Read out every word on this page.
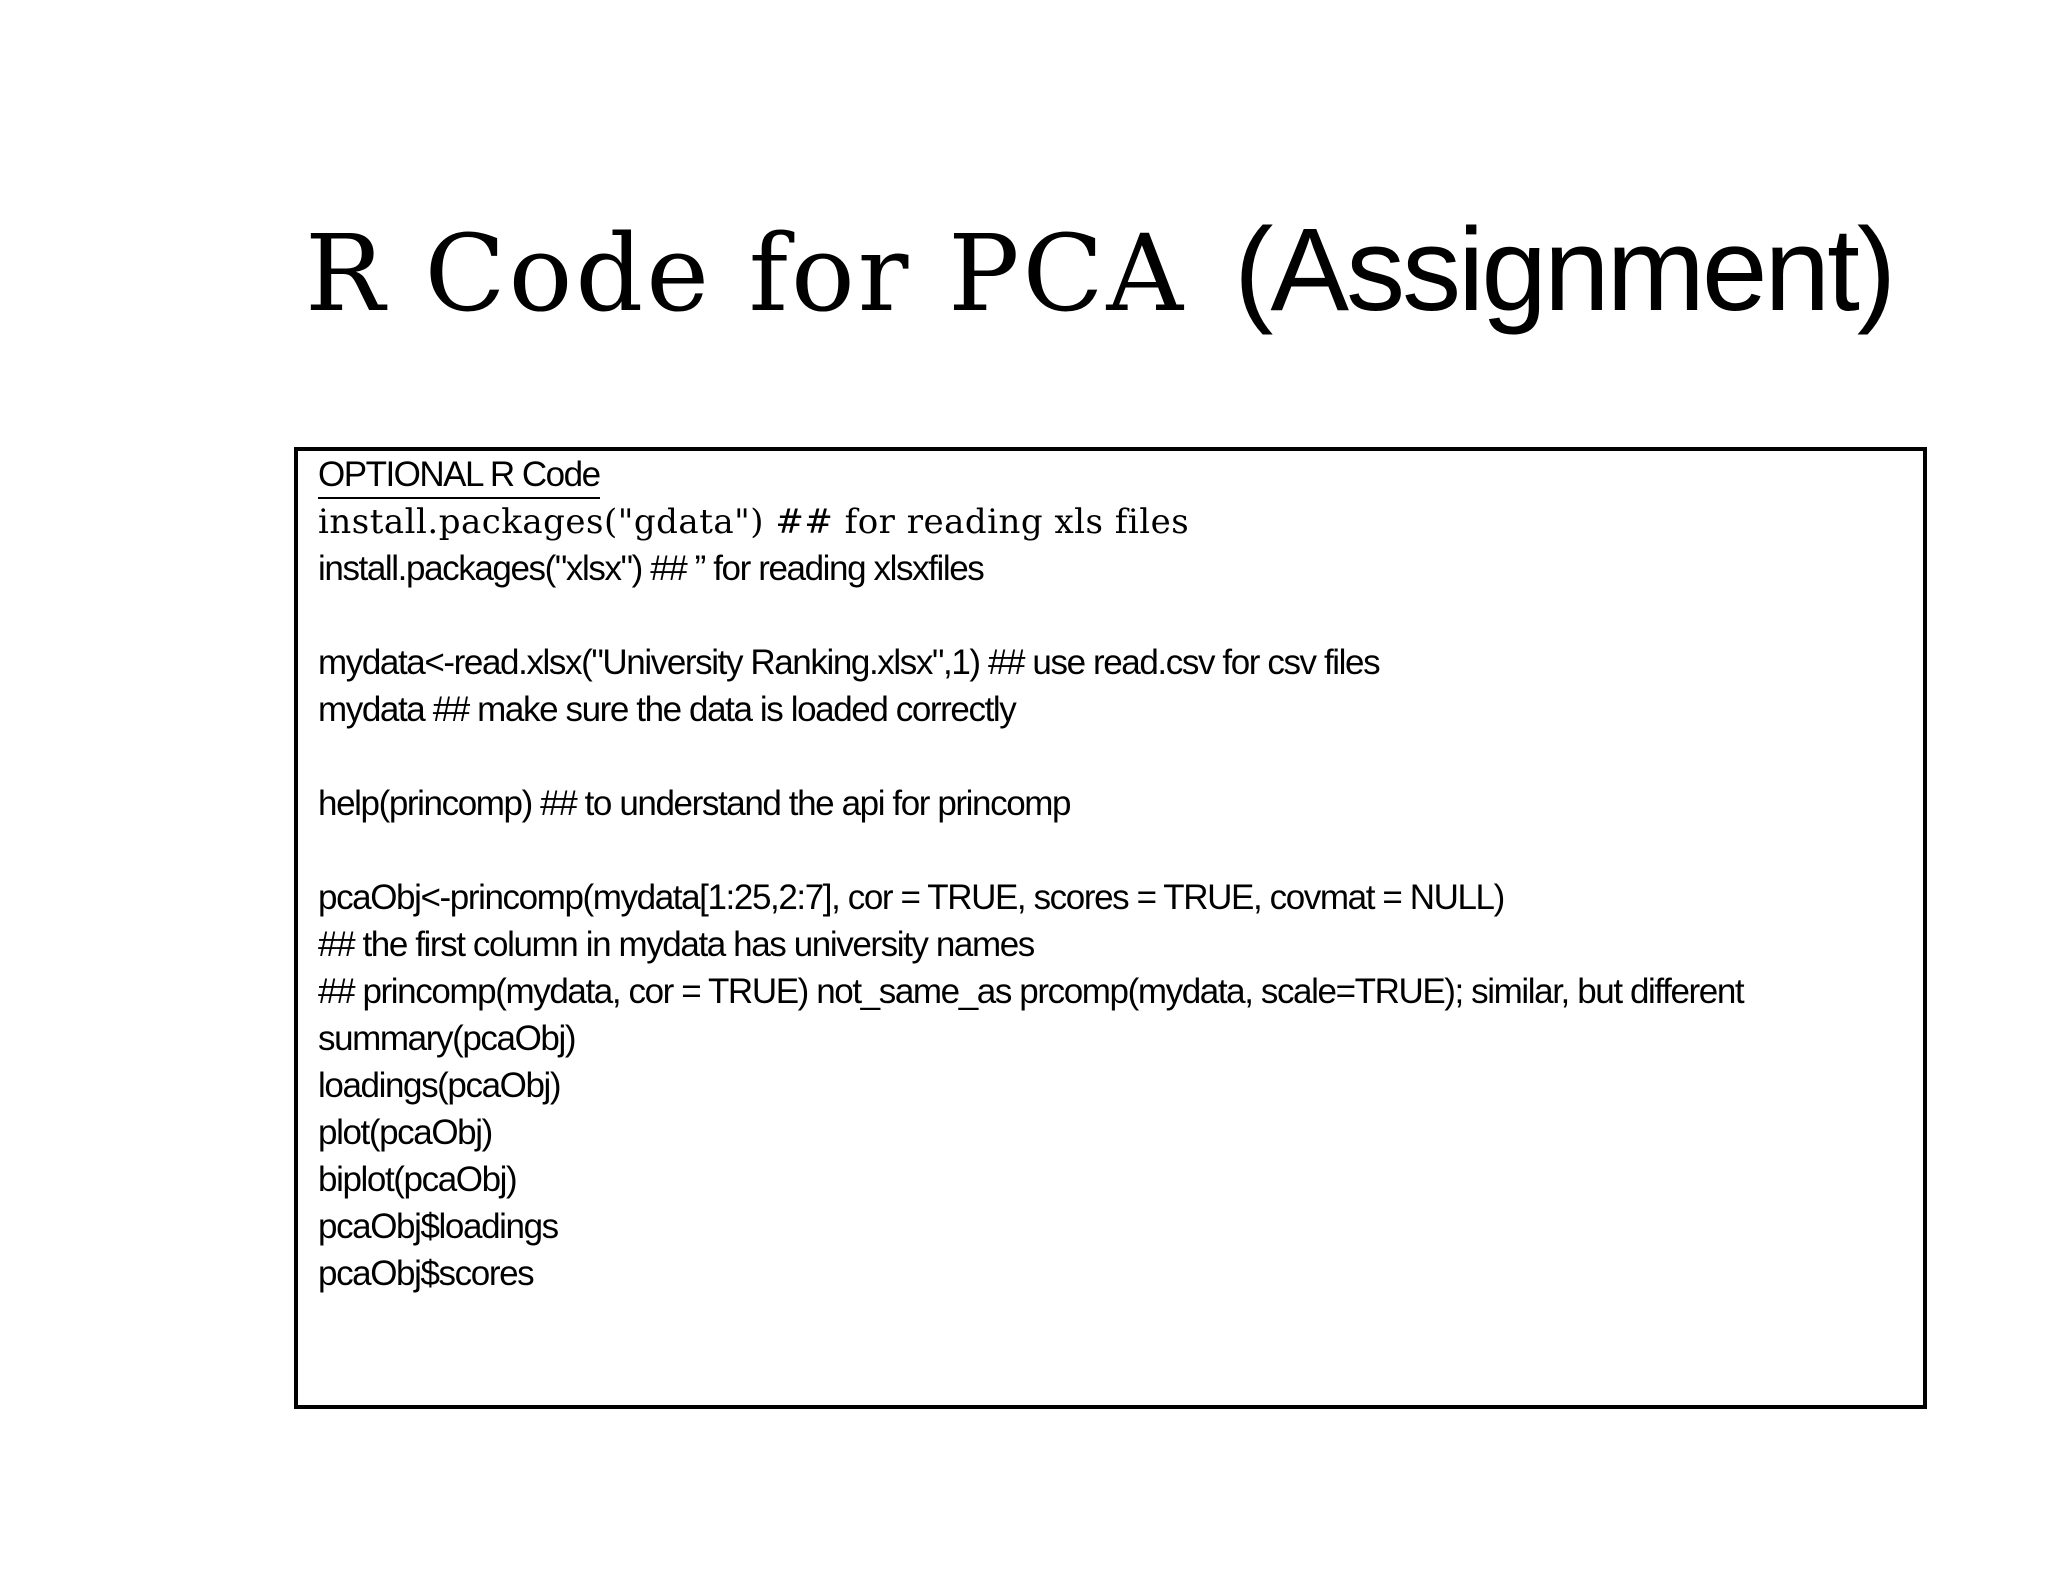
R Code for PCA (Assignment)
OPTIONAL R Code
install.packages("gdata") ## for reading xls files
install.packages("xlsx") ## ” for reading xlsxfiles
mydata<-read.xlsx("University Ranking.xlsx",1) ## use read.csv for csv files
mydata ## make sure the data is loaded correctly
help(princomp) ## to understand the api for princomp
pcaObj<-princomp(mydata[1:25,2:7], cor = TRUE, scores = TRUE, covmat = NULL)
## the first column in mydata has university names
## princomp(mydata, cor = TRUE) not_same_as prcomp(mydata, scale=TRUE); similar, but different
summary(pcaObj)
loadings(pcaObj)
plot(pcaObj)
biplot(pcaObj)
pcaObj$loadings
pcaObj$scores
